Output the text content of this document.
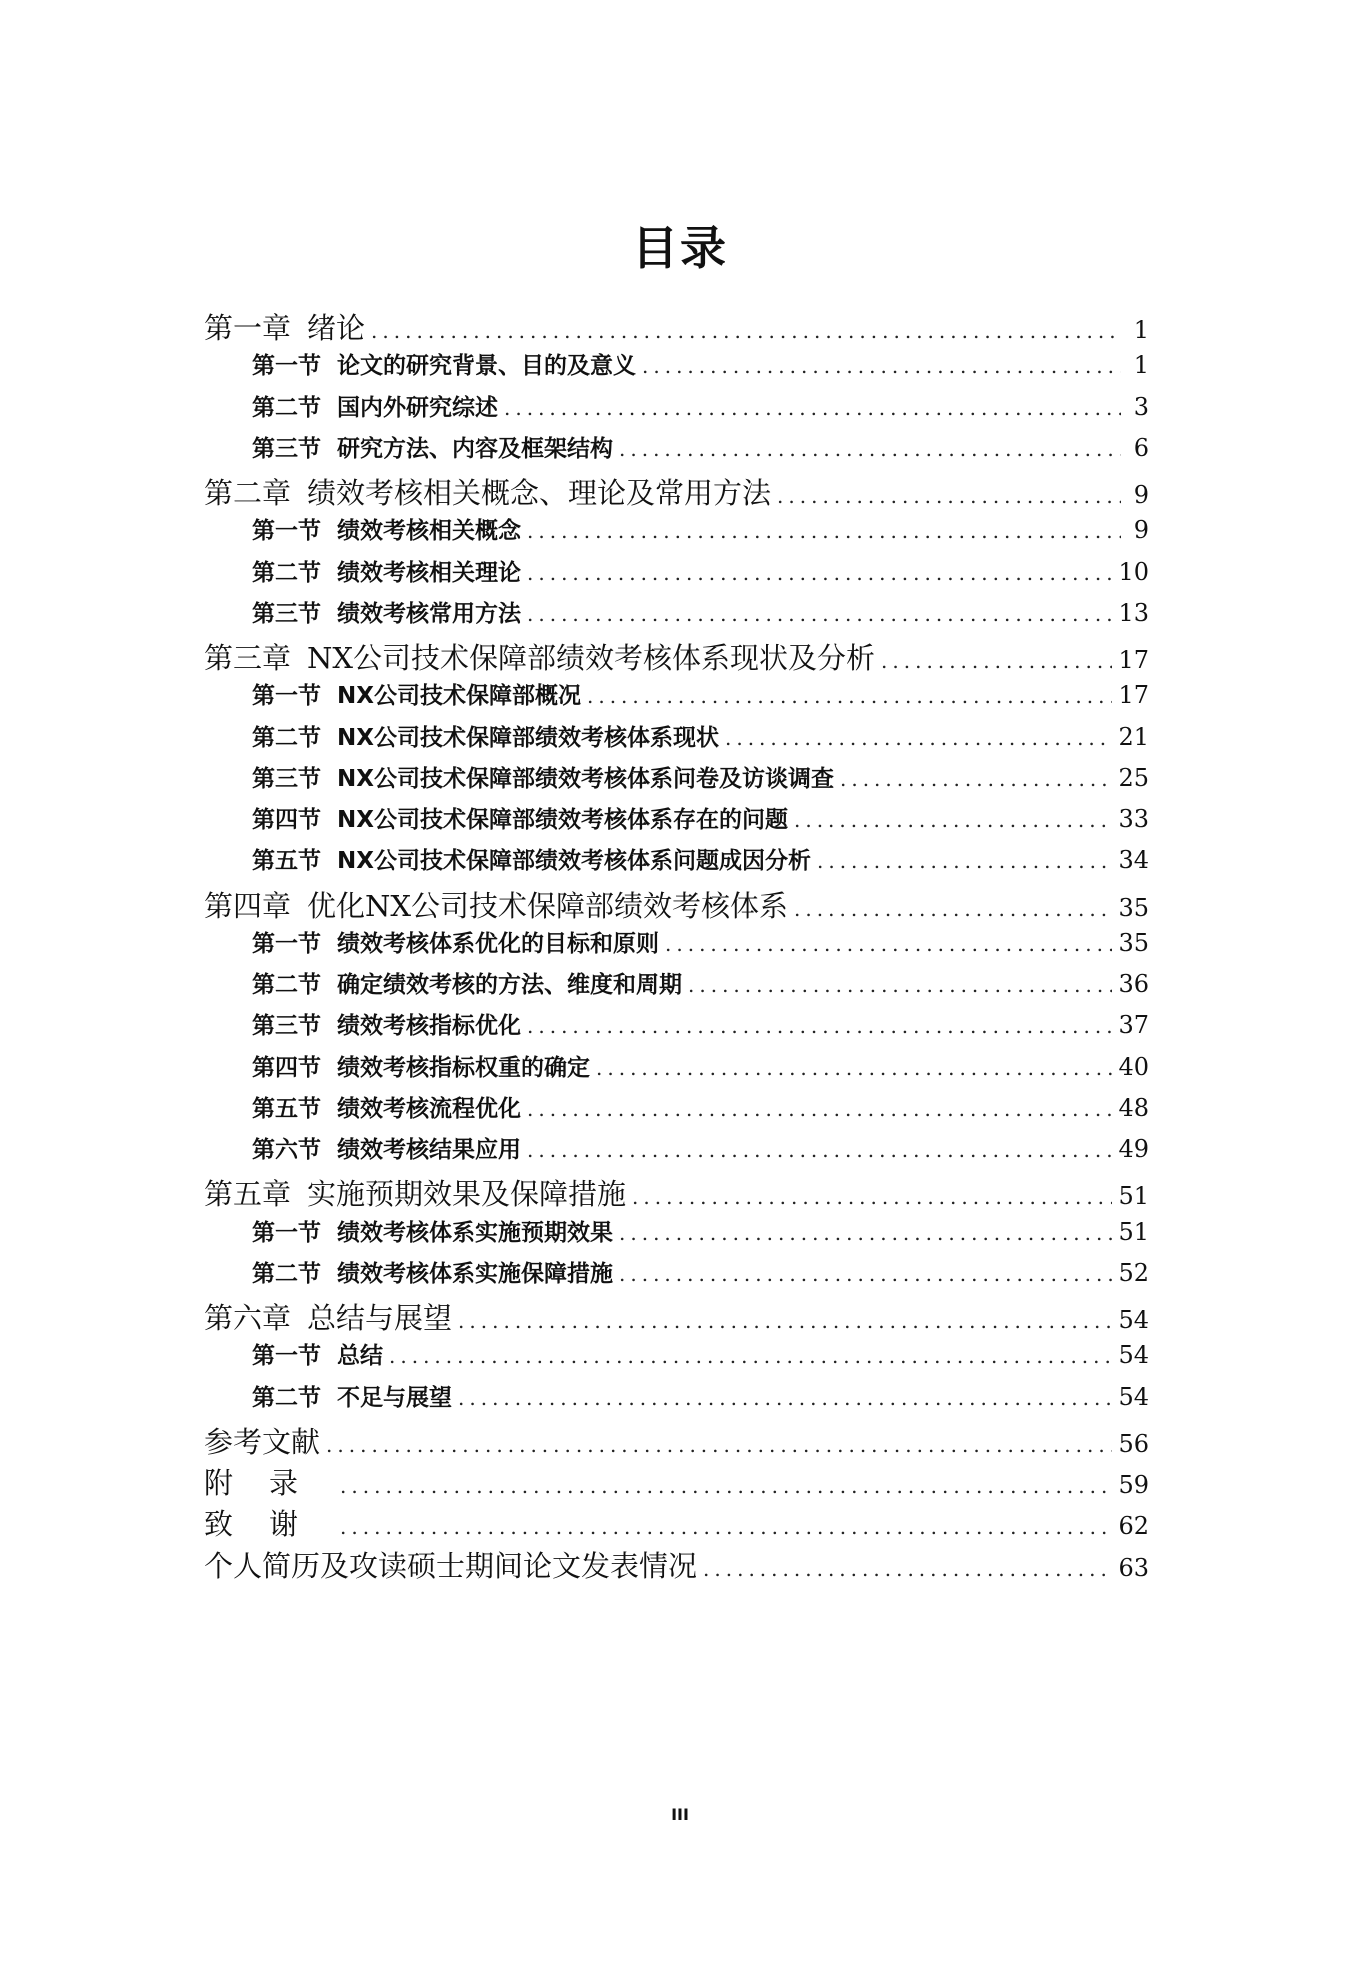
目录
第一章 绪论 .....	1
第一节 论文的研究背景、目的及意义 .....	1
第二节 国内外研究综述 .....	3
第三节 研究方法、内容及框架结构 .....	6
第二章 绩效考核相关概念、理论及常用方法 .....	9
第一节 绩效考核相关概念 .....	9
第二节 绩效考核相关理论 .....	10
第三节 绩效考核常用方法 .....	13
第三章 NX公司技术保障部绩效考核体系现状及分析 .....	17
第一节 NX公司技术保障部概况 .....	17
第二节 NX公司技术保障部绩效考核体系现状 .....	21
第三节 NX公司技术保障部绩效考核体系问卷及访谈调查 .....	25
第四节 NX公司技术保障部绩效考核体系存在的问题 .....	33
第五节 NX公司技术保障部绩效考核体系问题成因分析 .....	34
第四章 优化NX公司技术保障部绩效考核体系 .....	35
第一节 绩效考核体系优化的目标和原则 .....	35
第二节 确定绩效考核的方法、维度和周期 .....	36
第三节 绩效考核指标优化 .....	37
第四节 绩效考核指标权重的确定 .....	40
第五节 绩效考核流程优化 .....	48
第六节 绩效考核结果应用 .....	49
第五章 实施预期效果及保障措施 .....	51
第一节 绩效考核体系实施预期效果 .....	51
第二节 绩效考核体系实施保障措施 .....	52
第六章 总结与展望 .....	54
第一节 总结 .....	54
第二节 不足与展望 .....	54
参考文献 .....	56
附录 .....	59
致谢 .....	62
个人简历及攻读硕士期间论文发表情况 .....	63
III
